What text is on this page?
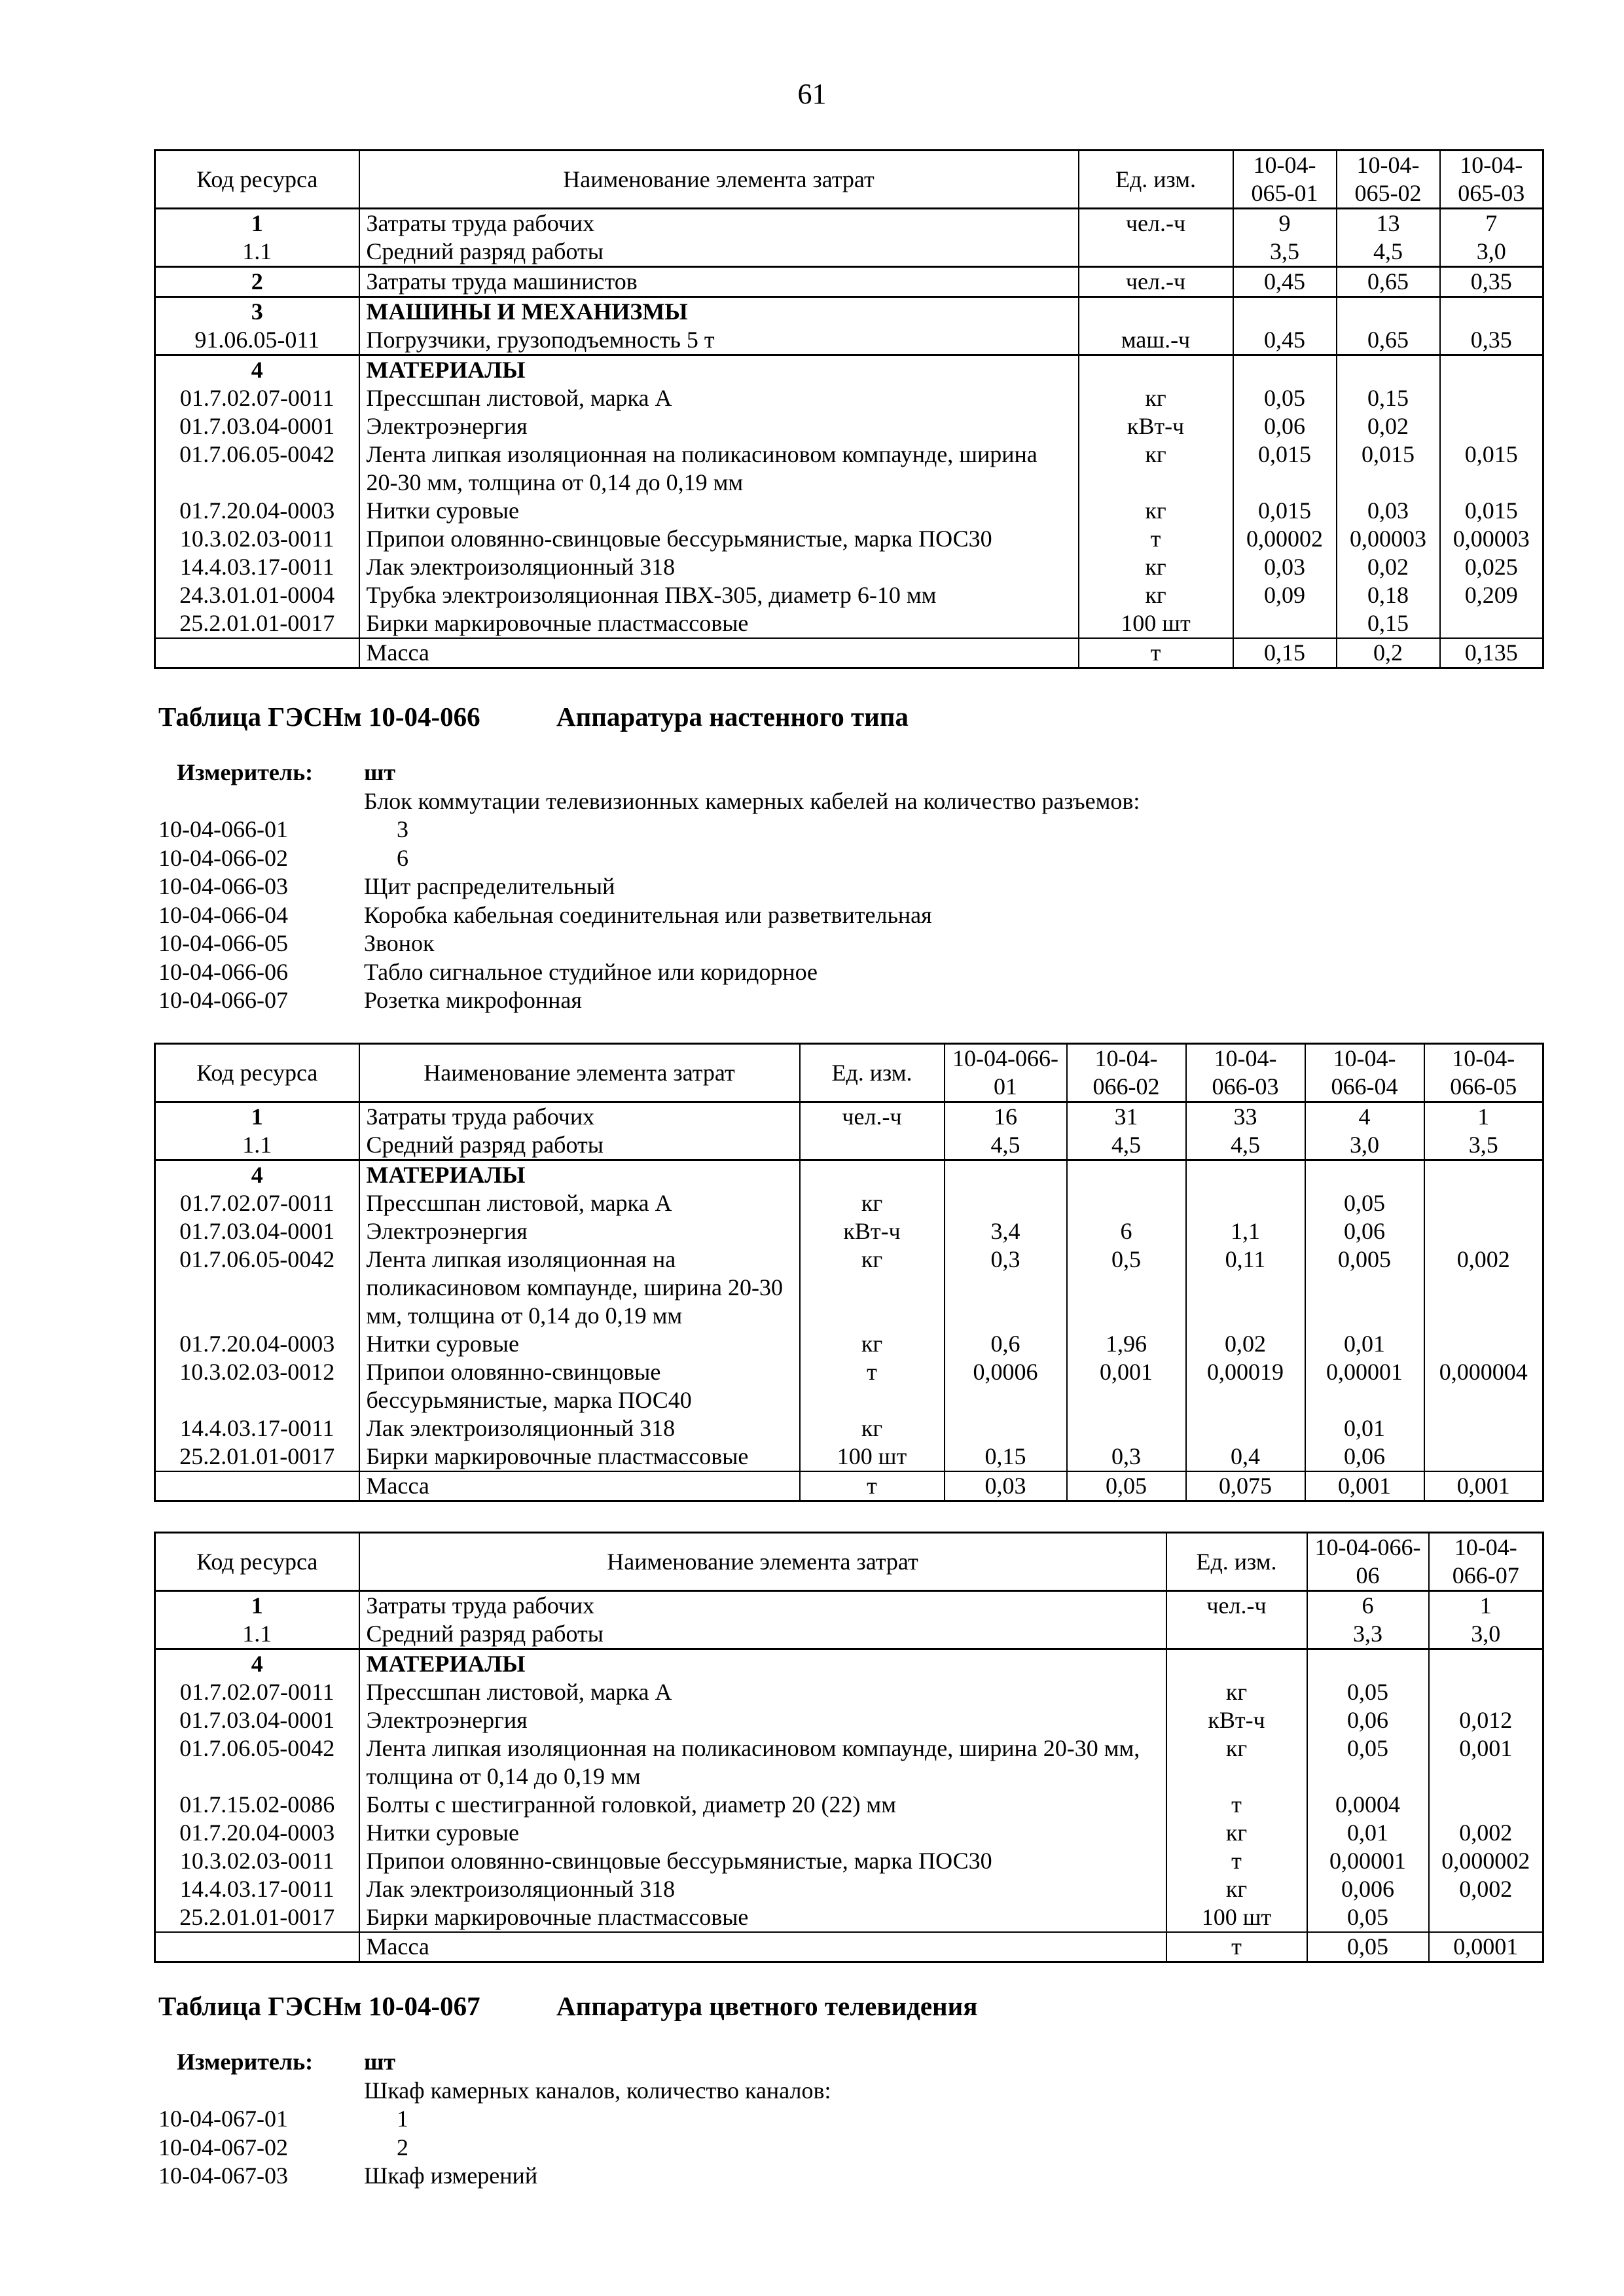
61
Код ресурса	Наименование элемента затрат	Ед. изм.	10-04-065-01	10-04-065-02	10-04-065-03
1	Затраты труда рабочих	чел.-ч	9	13	7
1.1	Средний разряд работы		3,5	4,5	3,0
2	Затраты труда машинистов	чел.-ч	0,45	0,65	0,35
3	МАШИНЫ И МЕХАНИЗМЫ				
91.06.05-011	Погрузчики, грузоподъемность 5 т	маш.-ч	0,45	0,65	0,35
4	МАТЕРИАЛЫ				
01.7.02.07-0011	Прессшпан листовой, марка А	кг	0,05	0,15	
01.7.03.04-0001	Электроэнергия	кВт-ч	0,06	0,02	
01.7.06.05-0042	Лента липкая изоляционная на поликасиновом компаунде, ширина 20-30 мм, толщина от 0,14 до 0,19 мм	кг	0,015	0,015	0,015
01.7.20.04-0003	Нитки суровые	кг	0,015	0,03	0,015
10.3.02.03-0011	Припои оловянно-свинцовые бессурьмянистые, марка ПОС30	т	0,00002	0,00003	0,00003
14.4.03.17-0011	Лак электроизоляционный 318	кг	0,03	0,02	0,025
24.3.01.01-0004	Трубка электроизоляционная ПВХ-305, диаметр 6-10 мм	кг	0,09	0,18	0,209
25.2.01.01-0017	Бирки маркировочные пластмассовые	100 шт		0,15	
	Масса	т	0,15	0,2	0,135
Таблица ГЭСНм 10-04-066	Аппаратура настенного типа
Измеритель: шт
Блок коммутации телевизионных камерных кабелей на количество разъемов:
10-04-066-01	3
10-04-066-02	6
10-04-066-03	Щит распределительный
10-04-066-04	Коробка кабельная соединительная или разветвительная
10-04-066-05	Звонок
10-04-066-06	Табло сигнальное студийное или коридорное
10-04-066-07	Розетка микрофонная
Код ресурса	Наименование элемента затрат	Ед. изм.	10-04-066-01	10-04-066-02	10-04-066-03	10-04-066-04	10-04-066-05
1	Затраты труда рабочих	чел.-ч	16	31	33	4	1
1.1	Средний разряд работы		4,5	4,5	4,5	3,0	3,5
4	МАТЕРИАЛЫ						
01.7.02.07-0011	Прессшпан листовой, марка А	кг				0,05	
01.7.03.04-0001	Электроэнергия	кВт-ч	3,4	6	1,1	0,06	
01.7.06.05-0042	Лента липкая изоляционная на поликасиновом компаунде, ширина 20-30 мм, толщина от 0,14 до 0,19 мм	кг	0,3	0,5	0,11	0,005	0,002
01.7.20.04-0003	Нитки суровые	кг	0,6	1,96	0,02	0,01	
10.3.02.03-0012	Припои оловянно-свинцовые бессурьмянистые, марка ПОС40	т	0,0006	0,001	0,00019	0,00001	0,000004
14.4.03.17-0011	Лак электроизоляционный 318	кг				0,01	
25.2.01.01-0017	Бирки маркировочные пластмассовые	100 шт	0,15	0,3	0,4	0,06	
	Масса	т	0,03	0,05	0,075	0,001	0,001
Код ресурса	Наименование элемента затрат	Ед. изм.	10-04-066-06	10-04-066-07
1	Затраты труда рабочих	чел.-ч	6	1
1.1	Средний разряд работы		3,3	3,0
4	МАТЕРИАЛЫ			
01.7.02.07-0011	Прессшпан листовой, марка А	кг	0,05	
01.7.03.04-0001	Электроэнергия	кВт-ч	0,06	0,012
01.7.06.05-0042	Лента липкая изоляционная на поликасиновом компаунде, ширина 20-30 мм, толщина от 0,14 до 0,19 мм	кг	0,05	0,001
01.7.15.02-0086	Болты с шестигранной головкой, диаметр 20 (22) мм	т	0,0004	
01.7.20.04-0003	Нитки суровые	кг	0,01	0,002
10.3.02.03-0011	Припои оловянно-свинцовые бессурьмянистые, марка ПОС30	т	0,00001	0,000002
14.4.03.17-0011	Лак электроизоляционный 318	кг	0,006	0,002
25.2.01.01-0017	Бирки маркировочные пластмассовые	100 шт	0,05	
	Масса	т	0,05	0,0001
Таблица ГЭСНм 10-04-067	Аппаратура цветного телевидения
Измеритель: шт
Шкаф камерных каналов, количество каналов:
10-04-067-01	1
10-04-067-02	2
10-04-067-03	Шкаф измерений
